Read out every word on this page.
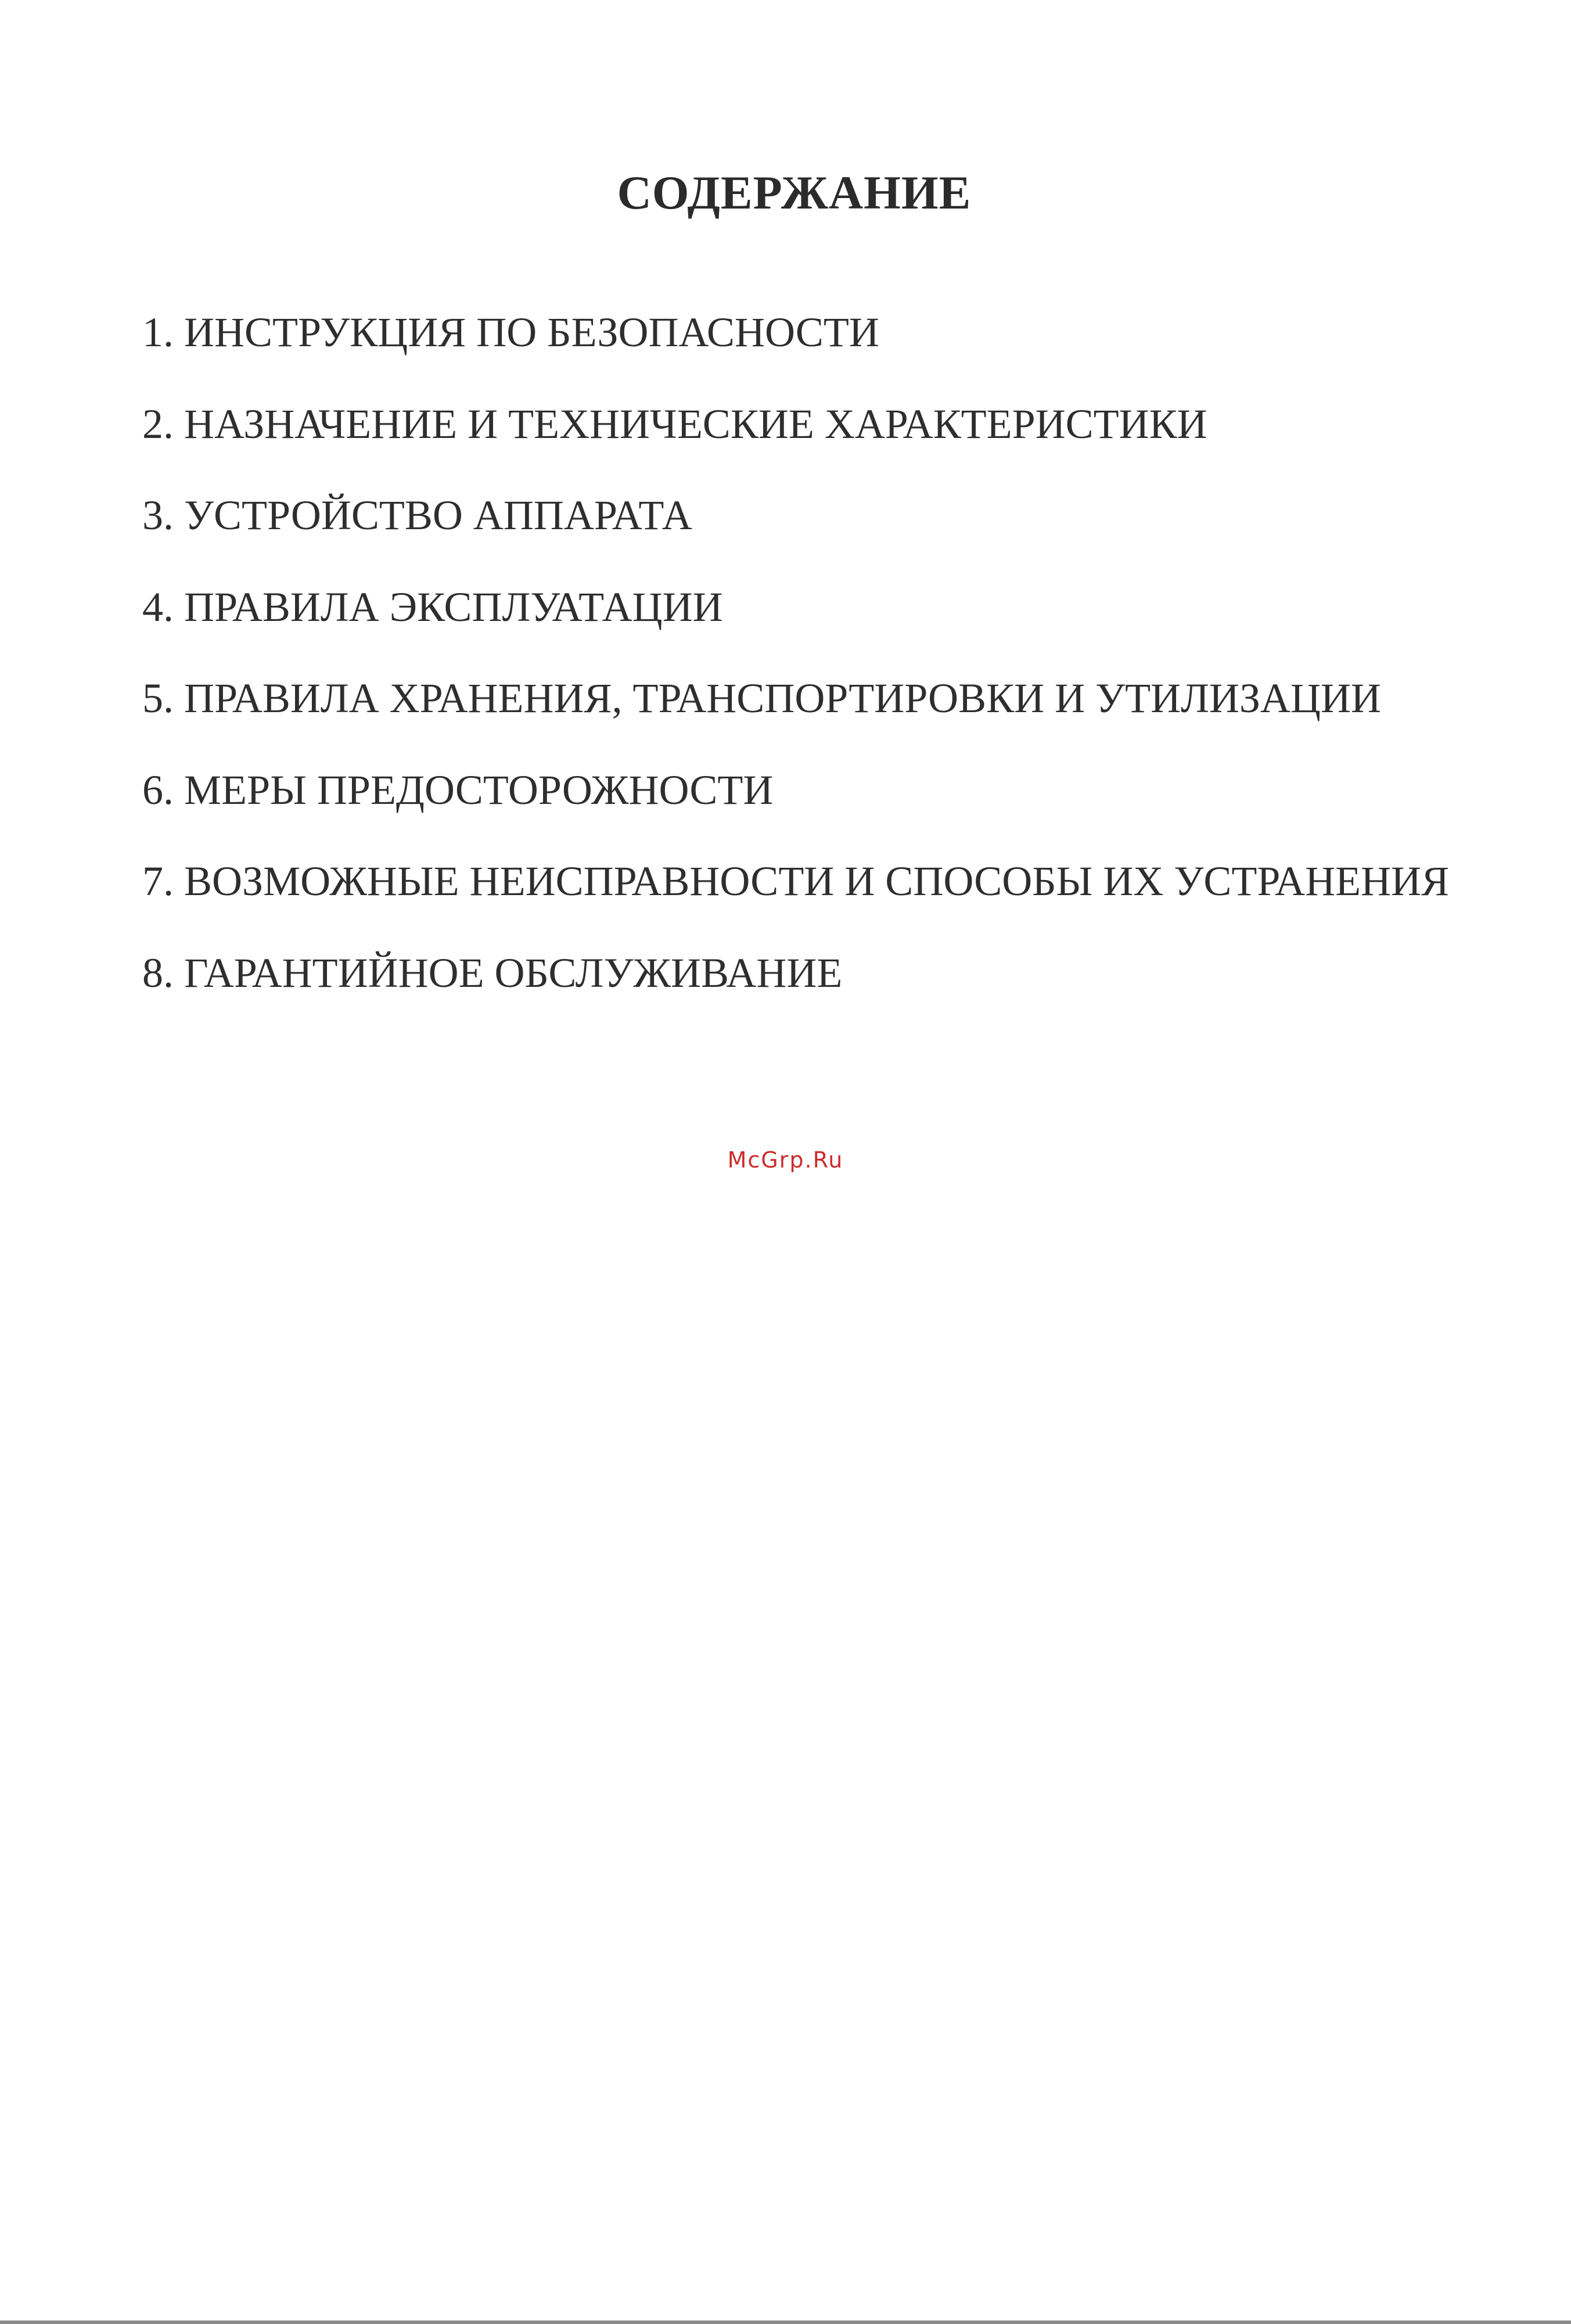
СОДЕРЖАНИЕ
1. ИНСТРУКЦИЯ ПО БЕЗОПАСНОСТИ
2. НАЗНАЧЕНИЕ И ТЕХНИЧЕСКИЕ ХАРАКТЕРИСТИКИ
3. УСТРОЙСТВО АППАРАТА
4. ПРАВИЛА ЭКСПЛУАТАЦИИ
5. ПРАВИЛА ХРАНЕНИЯ, ТРАНСПОРТИРОВКИ И УТИЛИЗАЦИИ
6. МЕРЫ ПРЕДОСТОРОЖНОСТИ
7. ВОЗМОЖНЫЕ НЕИСПРАВНОСТИ И СПОСОБЫ ИХ УСТРАНЕНИЯ
8. ГАРАНТИЙНОЕ ОБСЛУЖИВАНИЕ
McGrp.Ru
